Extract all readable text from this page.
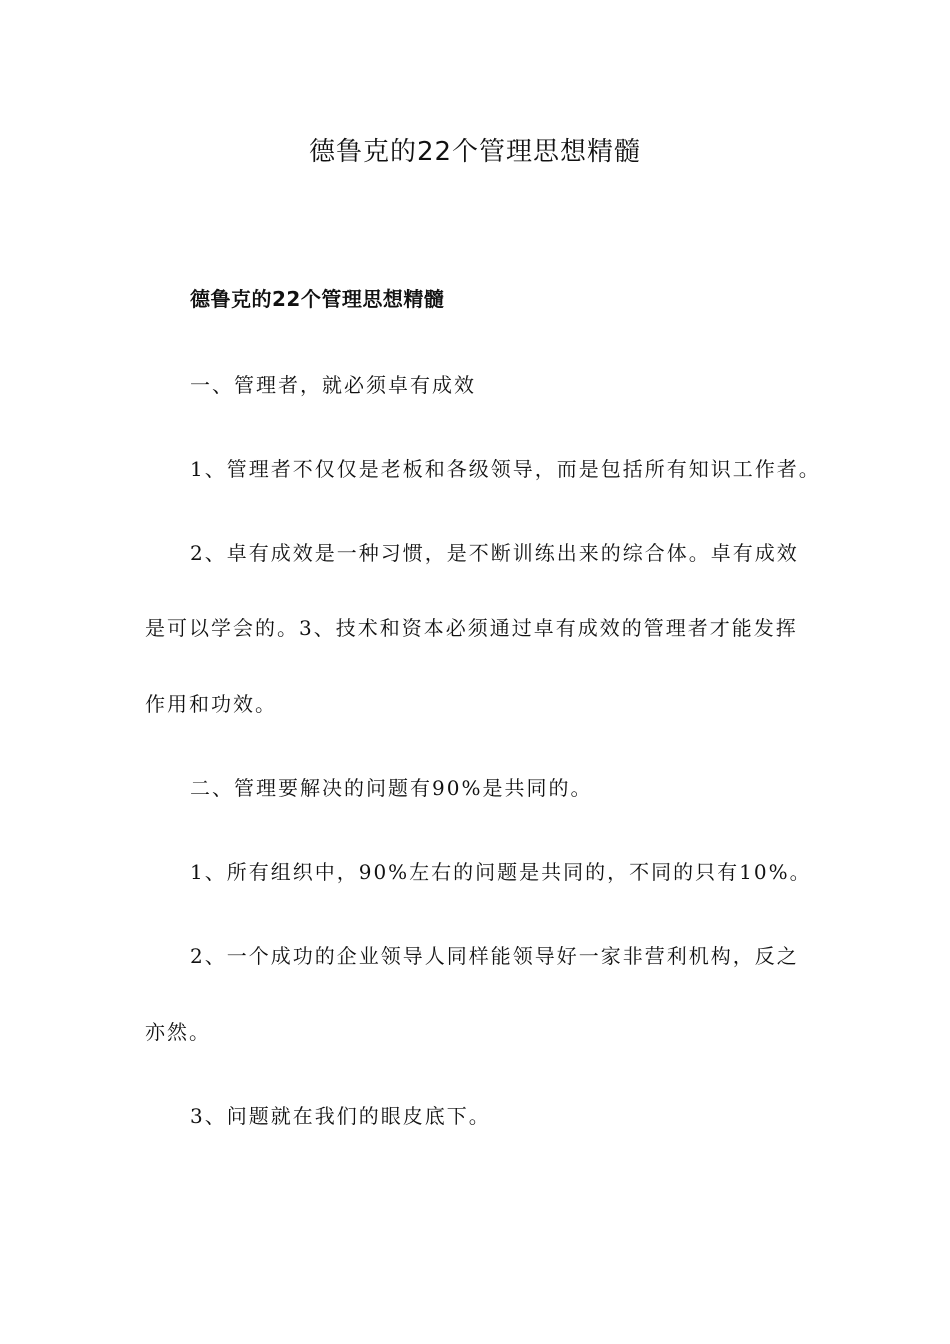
德鲁克的22个管理思想精髓
德鲁克的22个管理思想精髓
一、管理者，就必须卓有成效
1、管理者不仅仅是老板和各级领导，而是包括所有知识工作者。
2、卓有成效是一种习惯，是不断训练出来的综合体。卓有成效
是可以学会的。3、技术和资本必须通过卓有成效的管理者才能发挥
作用和功效。
二、管理要解决的问题有90%是共同的。
1、所有组织中，90%左右的问题是共同的，不同的只有10%。
2、一个成功的企业领导人同样能领导好一家非营利机构，反之
亦然。
3、问题就在我们的眼皮底下。
